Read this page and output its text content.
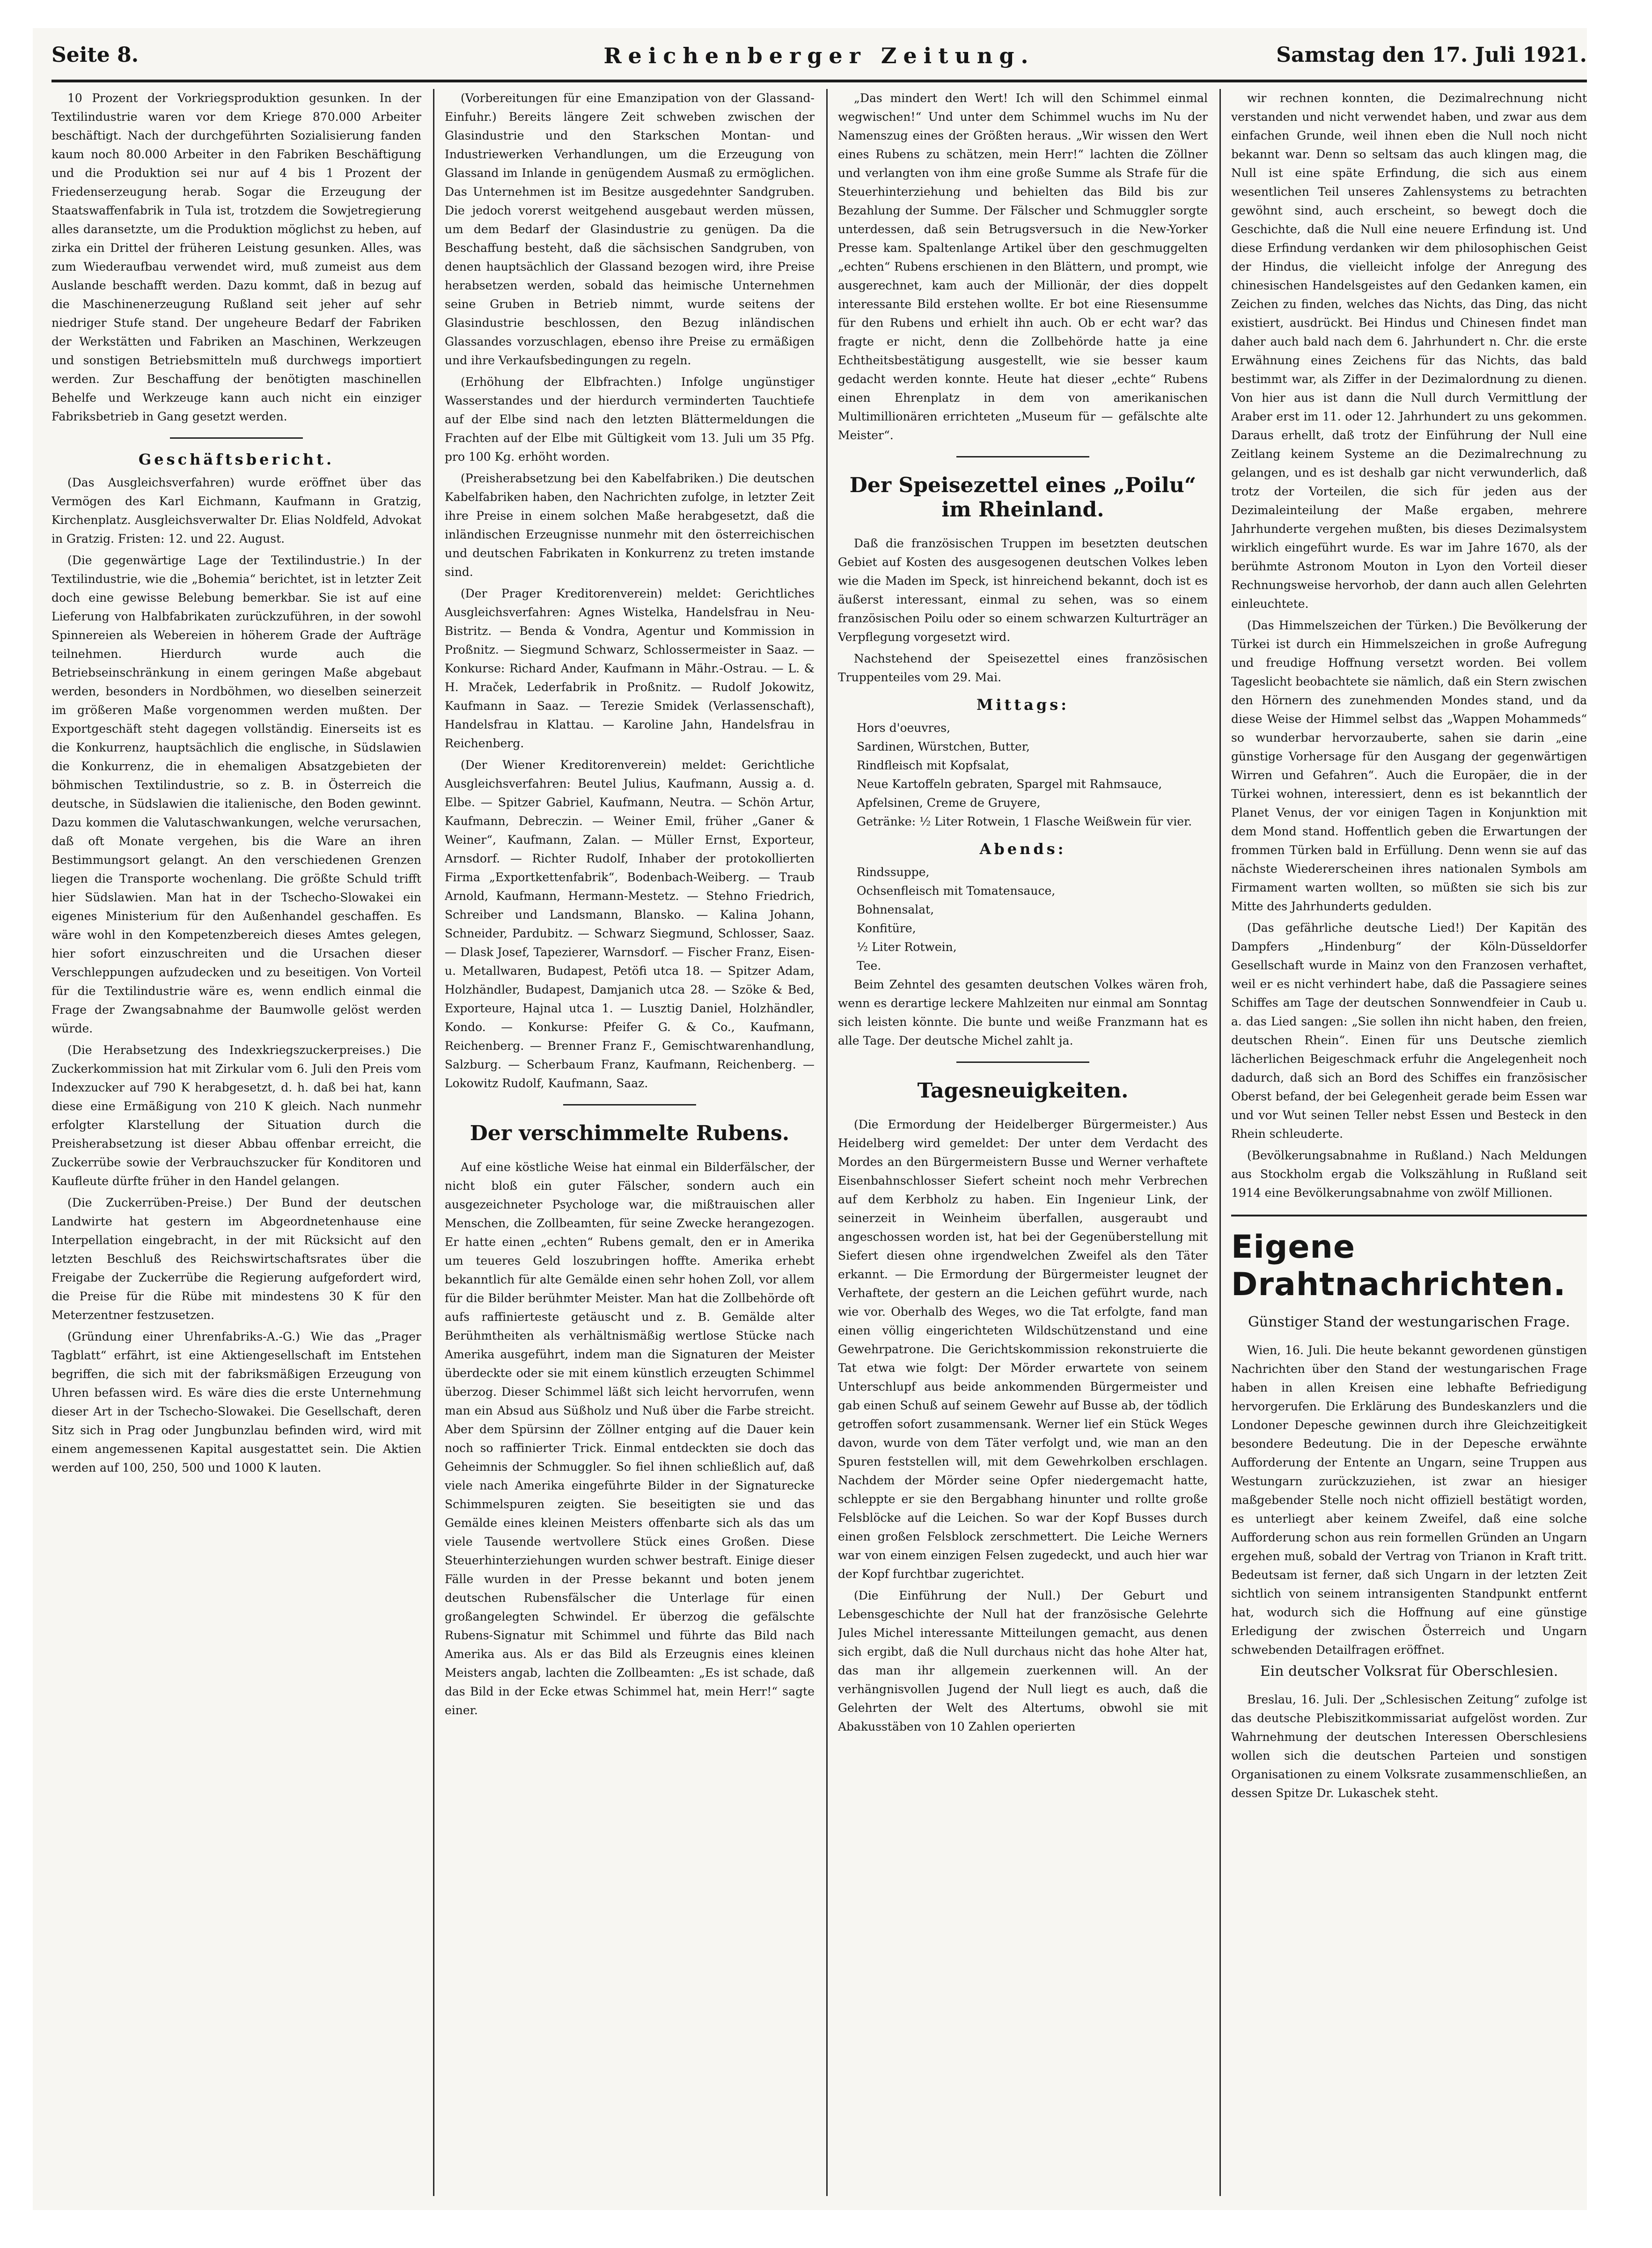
Seite 8.	Reichenberger Zeitung.	Samstag den 17. Juli 1921.

10 Prozent der Vorkriegsproduktion gesunken. In der Textilindustrie waren vor dem Kriege 870.000 Arbeiter beschäftigt. Nach der durchgeführten Sozialisierung fanden kaum noch 80.000 Arbeiter in den Fabriken Beschäftigung und die Produktion sei nur auf 4 bis 1 Prozent der Friedenserzeugung herab. Sogar die Erzeugung der Staatswaffenfabrik in Tula ist, trotzdem die Sowjetregierung alles daransetzte, um die Produktion möglichst zu heben, auf zirka ein Drittel der früheren Leistung gesunken. Alles, was zum Wiederaufbau verwendet wird, muß zumeist aus dem Auslande beschafft werden. Dazu kommt, daß in bezug auf die Maschinenerzeugung Rußland seit jeher auf sehr niedriger Stufe stand. Der ungeheure Bedarf der Fabriken der Werkstätten und Fabriken an Maschinen, Werkzeugen und sonstigen Betriebsmitteln muß durchwegs importiert werden. Zur Beschaffung der benötigten maschinellen Behelfe und Werkzeuge kann auch nicht ein einziger Fabriksbetrieb in Gang gesetzt werden.

Geschäftsbericht.

(Das Ausgleichsverfahren) wurde eröffnet über das Vermögen des Karl Eichmann, Kaufmann in Gratzig, Kirchenplatz. Ausgleichsverwalter Dr. Elias Noldfeld, Advokat in Gratzig. Fristen: 12. und 22. August.

(Die gegenwärtige Lage der Textilindustrie.) In der Textilindustrie, wie die „Bohemia“ berichtet, ist in letzter Zeit doch eine gewisse Belebung bemerkbar. Sie ist auf eine Lieferung von Halbfabrikaten zurückzuführen, in der sowohl Spinnereien als Webereien in höherem Grade der Aufträge teilnehmen. Hierdurch wurde auch die Betriebseinschränkung in einem geringen Maße abgebaut werden, besonders in Nordböhmen, wo dieselben seinerzeit im größeren Maße vorgenommen werden mußten. Der Exportgeschäft steht dagegen vollständig. Einerseits ist es die Konkurrenz, hauptsächlich die englische, in Südslawien die Konkurrenz, die in ehemaligen Absatzgebieten der böhmischen Textilindustrie, so z. B. in Österreich die deutsche, in Südslawien die italienische, den Boden gewinnt. Dazu kommen die Valutaschwankungen, welche verursachen, daß oft Monate vergehen, bis die Ware an ihren Bestimmungsort gelangt. An den verschiedenen Grenzen liegen die Transporte wochenlang. Die größte Schuld trifft hier Südslawien. Man hat in der Tschecho-Slowakei ein eigenes Ministerium für den Außenhandel geschaffen. Es wäre wohl in den Kompetenzbereich dieses Amtes gelegen, hier sofort einzuschreiten und die Ursachen dieser Verschleppungen aufzudecken und zu beseitigen. Von Vorteil für die Textilindustrie wäre es, wenn endlich einmal die Frage der Zwangsabnahme der Baumwolle gelöst werden würde.

(Die Herabsetzung des Indexkriegszuckerpreises.) Die Zuckerkommission hat mit Zirkular vom 6. Juli den Preis vom Indexzucker auf 790 K herabgesetzt, d. h. daß bei hat, kann diese eine Ermäßigung von 210 K gleich. Nach nunmehr erfolgter Klarstellung der Situation durch die Preisherabsetzung ist dieser Abbau offenbar erreicht, die Zuckerrübe sowie der Verbrauchszucker für Konditoren und Kaufleute dürfte früher in den Handel gelangen.

(Die Zuckerrüben-Preise.) Der Bund der deutschen Landwirte hat gestern im Abgeordnetenhause eine Interpellation eingebracht, in der mit Rücksicht auf den letzten Beschluß des Reichswirtschaftsrates über die Freigabe der Zuckerrübe die Regierung aufgefordert wird, die Preise für die Rübe mit mindestens 30 K für den Meterzentner festzusetzen.

(Gründung einer Uhrenfabriks-A.-G.) Wie das „Prager Tagblatt“ erfährt, ist eine Aktiengesellschaft im Entstehen begriffen, die sich mit der fabriksmäßigen Erzeugung von Uhren befassen wird. Es wäre dies die erste Unternehmung dieser Art in der Tschecho-Slowakei. Die Gesellschaft, deren Sitz sich in Prag oder Jungbunzlau befinden wird, wird mit einem angemessenen Kapital ausgestattet sein. Die Aktien werden auf 100, 250, 500 und 1000 K lauten.

(Vorbereitungen für eine Emanzipation von der Glassand-Einfuhr.) Bereits längere Zeit schweben zwischen der Glasindustrie und den Starkschen Montan- und Industriewerken Verhandlungen, um die Erzeugung von Glassand im Inlande in genügendem Ausmaß zu ermöglichen. Das Unternehmen ist im Besitze ausgedehnter Sandgruben. Die jedoch vorerst weitgehend ausgebaut werden müssen, um dem Bedarf der Glasindustrie zu genügen. Da die Beschaffung besteht, daß die sächsischen Sandgruben, von denen hauptsächlich der Glassand bezogen wird, ihre Preise herabsetzen werden, sobald das heimische Unternehmen seine Gruben in Betrieb nimmt, wurde seitens der Glasindustrie beschlossen, den Bezug inländischen Glassandes vorzuschlagen, ebenso ihre Preise zu ermäßigen und ihre Verkaufsbedingungen zu regeln.

(Erhöhung der Elbfrachten.) Infolge ungünstiger Wasserstandes und der hierdurch verminderten Tauchtiefe auf der Elbe sind nach den letzten Blättermeldungen die Frachten auf der Elbe mit Gültigkeit vom 13. Juli um 35 Pfg. pro 100 Kg. erhöht worden.

(Preisherabsetzung bei den Kabelfabriken.) Die deutschen Kabelfabriken haben, den Nachrichten zufolge, in letzter Zeit ihre Preise in einem solchen Maße herabgesetzt, daß die inländischen Erzeugnisse nunmehr mit den österreichischen und deutschen Fabrikaten in Konkurrenz zu treten imstande sind.

(Der Prager Kreditorenverein) meldet: Gerichtliches Ausgleichsverfahren: Agnes Wistelka, Handelsfrau in Neu-Bistritz. — Benda & Vondra, Agentur und Kommission in Proßnitz. — Siegmund Schwarz, Schlossermeister in Saaz. — Konkurse: Richard Ander, Kaufmann in Mähr.-Ostrau. — L. & H. Mraček, Lederfabrik in Proßnitz. — Rudolf Jokowitz, Kaufmann in Saaz. — Terezie Smidek (Verlassenschaft), Handelsfrau in Klattau. — Karoline Jahn, Handelsfrau in Reichenberg.

(Der Wiener Kreditorenverein) meldet: Gerichtliche Ausgleichsverfahren: Beutel Julius, Kaufmann, Aussig a. d. Elbe. — Spitzer Gabriel, Kaufmann, Neutra. — Schön Artur, Kaufmann, Debreczin. — Weiner Emil, früher „Ganer & Weiner“, Kaufmann, Zalan. — Müller Ernst, Exporteur, Arnsdorf. — Richter Rudolf, Inhaber der protokollierten Firma „Exportkettenfabrik“, Bodenbach-Weiberg. — Traub Arnold, Kaufmann, Hermann-Mestetz. — Stehno Friedrich, Schreiber und Landsmann, Blansko. — Kalina Johann, Schneider, Pardubitz. — Schwarz Siegmund, Schlosser, Saaz. — Dlask Josef, Tapezierer, Warnsdorf. — Fischer Franz, Eisen- u. Metallwaren, Budapest, Petöfi utca 18. — Spitzer Adam, Holzhändler, Budapest, Damjanich utca 28. — Szöke & Bed, Exporteure, Hajnal utca 1. — Lusztig Daniel, Holzhändler, Kondo. — Konkurse: Pfeifer G. & Co., Kaufmann, Reichenberg. — Brenner Franz F., Gemischtwarenhandlung, Salzburg. — Scherbaum Franz, Kaufmann, Reichenberg. — Lokowitz Rudolf, Kaufmann, Saaz.

Der verschimmelte Rubens.

Auf eine köstliche Weise hat einmal ein Bilderfälscher, der nicht bloß ein guter Fälscher, sondern auch ein ausgezeichneter Psychologe war, die mißtrauischen aller Menschen, die Zollbeamten, für seine Zwecke herangezogen. Er hatte einen „echten“ Rubens gemalt, den er in Amerika um teueres Geld loszubringen hoffte. Amerika erhebt bekanntlich für alte Gemälde einen sehr hohen Zoll, vor allem für die Bilder berühmter Meister. Man hat die Zollbehörde oft aufs raffinierteste getäuscht und z. B. Gemälde alter Berühmtheiten als verhältnismäßig wertlose Stücke nach Amerika ausgeführt, indem man die Signaturen der Meister überdeckte oder sie mit einem künstlich erzeugten Schimmel überzog. Dieser Schimmel läßt sich leicht hervorrufen, wenn man ein Absud aus Süßholz und Nuß über die Farbe streicht. Aber dem Spürsinn der Zöllner entging auf die Dauer kein noch so raffinierter Trick. Einmal entdeckten sie doch das Geheimnis der Schmuggler. So fiel ihnen schließlich auf, daß viele nach Amerika eingeführte Bilder in der Signaturecke Schimmelspuren zeigten. Sie beseitigten sie und das Gemälde eines kleinen Meisters offenbarte sich als das um viele Tausende wertvollere Stück eines Großen. Diese Steuerhinterziehungen wurden schwer bestraft. Einige dieser Fälle wurden in der Presse bekannt und boten jenem deutschen Rubensfälscher die Unterlage für einen großangelegten Schwindel. Er überzog die gefälschte Rubens-Signatur mit Schimmel und führte das Bild nach Amerika aus. Als er das Bild als Erzeugnis eines kleinen Meisters angab, lachten die Zollbeamten: „Es ist schade, daß das Bild in der Ecke etwas Schimmel hat, mein Herr!“ sagte einer.

„Das mindert den Wert! Ich will den Schimmel einmal wegwischen!“ Und unter dem Schimmel wuchs im Nu der Namenszug eines der Größten heraus. „Wir wissen den Wert eines Rubens zu schätzen, mein Herr!“ lachten die Zöllner und verlangten von ihm eine große Summe als Strafe für die Steuerhinterziehung und behielten das Bild bis zur Bezahlung der Summe. Der Fälscher und Schmuggler sorgte unterdessen, daß sein Betrugsversuch in die New-Yorker Presse kam. Spaltenlange Artikel über den geschmuggelten „echten“ Rubens erschienen in den Blättern, und prompt, wie ausgerechnet, kam auch der Millionär, der dies doppelt interessante Bild erstehen wollte. Er bot eine Riesensumme für den Rubens und erhielt ihn auch. Ob er echt war? das fragte er nicht, denn die Zollbehörde hatte ja eine Echtheitsbestätigung ausgestellt, wie sie besser kaum gedacht werden konnte. Heute hat dieser „echte“ Rubens einen Ehrenplatz in dem von amerikanischen Multimillionären errichteten „Museum für — gefälschte alte Meister“.

Der Speisezettel eines „Poilu“ im Rheinland.

Daß die französischen Truppen im besetzten deutschen Gebiet auf Kosten des ausgesogenen deutschen Volkes leben wie die Maden im Speck, ist hinreichend bekannt, doch ist es äußerst interessant, einmal zu sehen, was so einem französischen Poilu oder so einem schwarzen Kulturträger an Verpflegung vorgesetzt wird.

Nachstehend der Speisezettel eines französischen Truppenteiles vom 29. Mai.

Mittags:
Hors d'oeuvres,
Sardinen, Würstchen, Butter,
Rindfleisch mit Kopfsalat,
Neue Kartoffeln gebraten, Spargel mit Rahmsauce,
Apfelsinen, Creme de Gruyere,
Getränke: ½ Liter Rotwein, 1 Flasche Weißwein für vier.
Abends:
Rindssuppe,
Ochsenfleisch mit Tomatensauce,
Bohnensalat,
Konfitüre,
½ Liter Rotwein,
Tee.

Beim Zehntel des gesamten deutschen Volkes wären froh, wenn es derartige leckere Mahlzeiten nur einmal am Sonntag sich leisten könnte. Die bunte und weiße Franzmann hat es alle Tage. Der deutsche Michel zahlt ja.

Tagesneuigkeiten.

(Die Ermordung der Heidelberger Bürgermeister.) Aus Heidelberg wird gemeldet: Der unter dem Verdacht des Mordes an den Bürgermeistern Busse und Werner verhaftete Eisenbahnschlosser Siefert scheint noch mehr Verbrechen auf dem Kerbholz zu haben. Ein Ingenieur Link, der seinerzeit in Weinheim überfallen, ausgeraubt und angeschossen worden ist, hat bei der Gegenüberstellung mit Siefert diesen ohne irgendwelchen Zweifel als den Täter erkannt. — Die Ermordung der Bürgermeister leugnet der Verhaftete, der gestern an die Leichen geführt wurde, nach wie vor. Oberhalb des Weges, wo die Tat erfolgte, fand man einen völlig eingerichteten Wildschützenstand und eine Gewehrpatrone. Die Gerichtskommission rekonstruierte die Tat etwa wie folgt: Der Mörder erwartete von seinem Unterschlupf aus beide ankommenden Bürgermeister und gab einen Schuß auf seinem Gewehr auf Busse ab, der tödlich getroffen sofort zusammensank. Werner lief ein Stück Weges davon, wurde von dem Täter verfolgt und, wie man an den Spuren feststellen will, mit dem Gewehrkolben erschlagen. Nachdem der Mörder seine Opfer niedergemacht hatte, schleppte er sie den Bergabhang hinunter und rollte große Felsblöcke auf die Leichen. So war der Kopf Busses durch einen großen Felsblock zerschmettert. Die Leiche Werners war von einem einzigen Felsen zugedeckt, und auch hier war der Kopf furchtbar zugerichtet.

(Die Einführung der Null.) Der Geburt und Lebensgeschichte der Null hat der französische Gelehrte Jules Michel interessante Mitteilungen gemacht, aus denen sich ergibt, daß die Null durchaus nicht das hohe Alter hat, das man ihr allgemein zuerkennen will. An der verhängnisvollen Jugend der Null liegt es auch, daß die Gelehrten der Welt des Altertums, obwohl sie mit Abakusstäben von 10 Zahlen operierten

wir rechnen konnten, die Dezimalrechnung nicht verstanden und nicht verwendet haben, und zwar aus dem einfachen Grunde, weil ihnen eben die Null noch nicht bekannt war. Denn so seltsam das auch klingen mag, die Null ist eine späte Erfindung, die sich aus einem wesentlichen Teil unseres Zahlensystems zu betrachten gewöhnt sind, auch erscheint, so bewegt doch die Geschichte, daß die Null eine neuere Erfindung ist. Und diese Erfindung verdanken wir dem philosophischen Geist der Hindus, die vielleicht infolge der Anregung des chinesischen Handelsgeistes auf den Gedanken kamen, ein Zeichen zu finden, welches das Nichts, das Ding, das nicht existiert, ausdrückt. Bei Hindus und Chinesen findet man daher auch bald nach dem 6. Jahrhundert n. Chr. die erste Erwähnung eines Zeichens für das Nichts, das bald bestimmt war, als Ziffer in der Dezimalordnung zu dienen. Von hier aus ist dann die Null durch Vermittlung der Araber erst im 11. oder 12. Jahrhundert zu uns gekommen. Daraus erhellt, daß trotz der Einführung der Null eine Zeitlang keinem Systeme an die Dezimalrechnung zu gelangen, und es ist deshalb gar nicht verwunderlich, daß trotz der Vorteilen, die sich für jeden aus der Dezimaleinteilung der Maße ergaben, mehrere Jahrhunderte vergehen mußten, bis dieses Dezimalsystem wirklich eingeführt wurde. Es war im Jahre 1670, als der berühmte Astronom Mouton in Lyon den Vorteil dieser Rechnungsweise hervorhob, der dann auch allen Gelehrten einleuchtete.

(Das Himmelszeichen der Türken.) Die Bevölkerung der Türkei ist durch ein Himmelszeichen in große Aufregung und freudige Hoffnung versetzt worden. Bei vollem Tageslicht beobachtete sie nämlich, daß ein Stern zwischen den Hörnern des zunehmenden Mondes stand, und da diese Weise der Himmel selbst das „Wappen Mohammeds“ so wunderbar hervorzauberte, sahen sie darin „eine günstige Vorhersage für den Ausgang der gegenwärtigen Wirren und Gefahren“. Auch die Europäer, die in der Türkei wohnen, interessiert, denn es ist bekanntlich der Planet Venus, der vor einigen Tagen in Konjunktion mit dem Mond stand. Hoffentlich geben die Erwartungen der frommen Türken bald in Erfüllung. Denn wenn sie auf das nächste Wiedererscheinen ihres nationalen Symbols am Firmament warten wollten, so müßten sie sich bis zur Mitte des Jahrhunderts gedulden.

(Das gefährliche deutsche Lied!) Der Kapitän des Dampfers „Hindenburg“ der Köln-Düsseldorfer Gesellschaft wurde in Mainz von den Franzosen verhaftet, weil er es nicht verhindert habe, daß die Passagiere seines Schiffes am Tage der deutschen Sonnwendfeier in Caub u. a. das Lied sangen: „Sie sollen ihn nicht haben, den freien, deutschen Rhein“. Einen für uns Deutsche ziemlich lächerlichen Beigeschmack erfuhr die Angelegenheit noch dadurch, daß sich an Bord des Schiffes ein französischer Oberst befand, der bei Gelegenheit gerade beim Essen war und vor Wut seinen Teller nebst Essen und Besteck in den Rhein schleuderte.

(Bevölkerungsabnahme in Rußland.) Nach Meldungen aus Stockholm ergab die Volkszählung in Rußland seit 1914 eine Bevölkerungsabnahme von zwölf Millionen.

Eigene Drahtnachrichten.
Günstiger Stand der westungarischen Frage.

Wien, 16. Juli. Die heute bekannt gewordenen günstigen Nachrichten über den Stand der westungarischen Frage haben in allen Kreisen eine lebhafte Befriedigung hervorgerufen. Die Erklärung des Bundeskanzlers und die Londoner Depesche gewinnen durch ihre Gleichzeitigkeit besondere Bedeutung. Die in der Depesche erwähnte Aufforderung der Entente an Ungarn, seine Truppen aus Westungarn zurückzuziehen, ist zwar an hiesiger maßgebender Stelle noch nicht offiziell bestätigt worden, es unterliegt aber keinem Zweifel, daß eine solche Aufforderung schon aus rein formellen Gründen an Ungarn ergehen muß, sobald der Vertrag von Trianon in Kraft tritt. Bedeutsam ist ferner, daß sich Ungarn in der letzten Zeit sichtlich von seinem intransigenten Standpunkt entfernt hat, wodurch sich die Hoffnung auf eine günstige Erledigung der zwischen Österreich und Ungarn schwebenden Detailfragen eröffnet.

Ein deutscher Volksrat für Oberschlesien.

Breslau, 16. Juli. Der „Schlesischen Zeitung“ zufolge ist das deutsche Plebiszitkommissariat aufgelöst worden. Zur Wahrnehmung der deutschen Interessen Oberschlesiens wollen sich die deutschen Parteien und sonstigen Organisationen zu einem Volksrate zusammenschließen, an dessen Spitze Dr. Lukaschek steht.
